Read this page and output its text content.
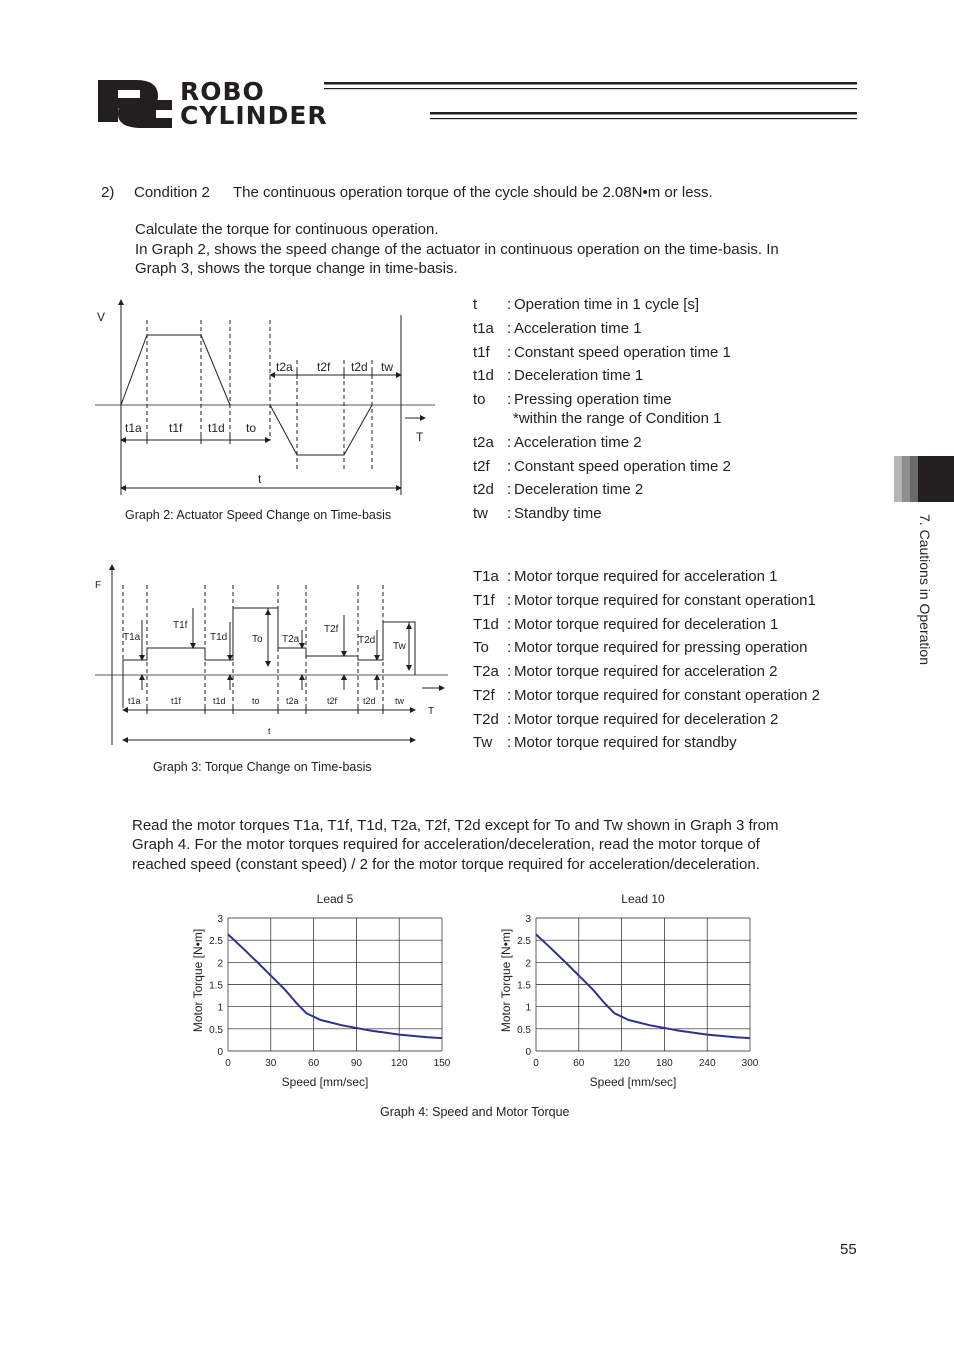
ROBO
CYLINDER
2) Condition 2 The continuous operation torque of the cycle should be 2.08N•m or less.
Calculate the torque for continuous operation.
In Graph 2, shows the speed change of the actuator in continuous operation on the time-basis. In
Graph 3, shows the torque change in time-basis.
V
T
t1a t1f t1d to
t2a t2f t2d tw
t
Graph 2: Actuator Speed Change on Time-basis
t : Operation time in 1 cycle [s]
t1a : Acceleration time 1
t1f : Constant speed operation time 1
t1d : Deceleration time 1
to : Pressing operation time
*within the range of Condition 1
t2a : Acceleration time 2
t2f : Constant speed operation time 2
t2d : Deceleration time 2
tw : Standby time
F
T
T1a
T1f
T1d To T2a
T2f
T2d
Tw
t1a	t1f	t1d	to	t2a	t2f	t2d tw
t
Graph 3: Torque Change on Time-basis
T1a : Motor torque required for acceleration 1
T1f : Motor torque required for constant operation1
T1d : Motor torque required for deceleration 1
To : Motor torque required for pressing operation
T2a : Motor torque required for acceleration 2
T2f : Motor torque required for constant operation 2
T2d : Motor torque required for deceleration 2
Tw : Motor torque required for standby
Read the motor torques T1a, T1f, T1d, T2a, T2f, T2d except for To and Tw shown in Graph 3 from
Graph 4. For the motor torques required for acceleration/deceleration, read the motor torque of
reached speed (constant speed) / 2 for the motor torque required for acceleration/deceleration.
Lead 5
0	30	60	90	120	150
0
0.5
1
1.5
2
2.5
3
Speed [mm/sec]
Motor Torque [N•m]
Lead 10
0	60	120	180	240	300
0
0.5
1
1.5
2
2.5
3
Speed [mm/sec]
Motor Torque [N•m]
Graph 4: Speed and Motor Torque
7. Cautions in Operation
55
